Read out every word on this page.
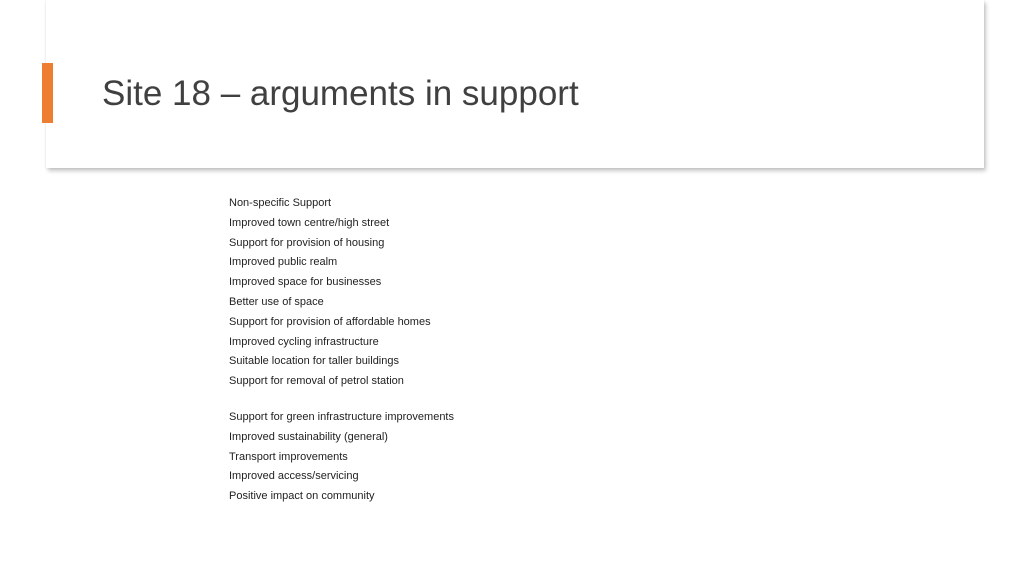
Site 18 – arguments in support
Non-specific Support
Improved town centre/high street
Support for provision of housing
Improved public realm
Improved space for businesses
Better use of space
Support for provision of affordable homes
Improved cycling infrastructure
Suitable location for taller buildings
Support for removal of petrol station
Support for green infrastructure improvements
Improved sustainability (general)
Transport improvements
Improved access/servicing
Positive impact on community
